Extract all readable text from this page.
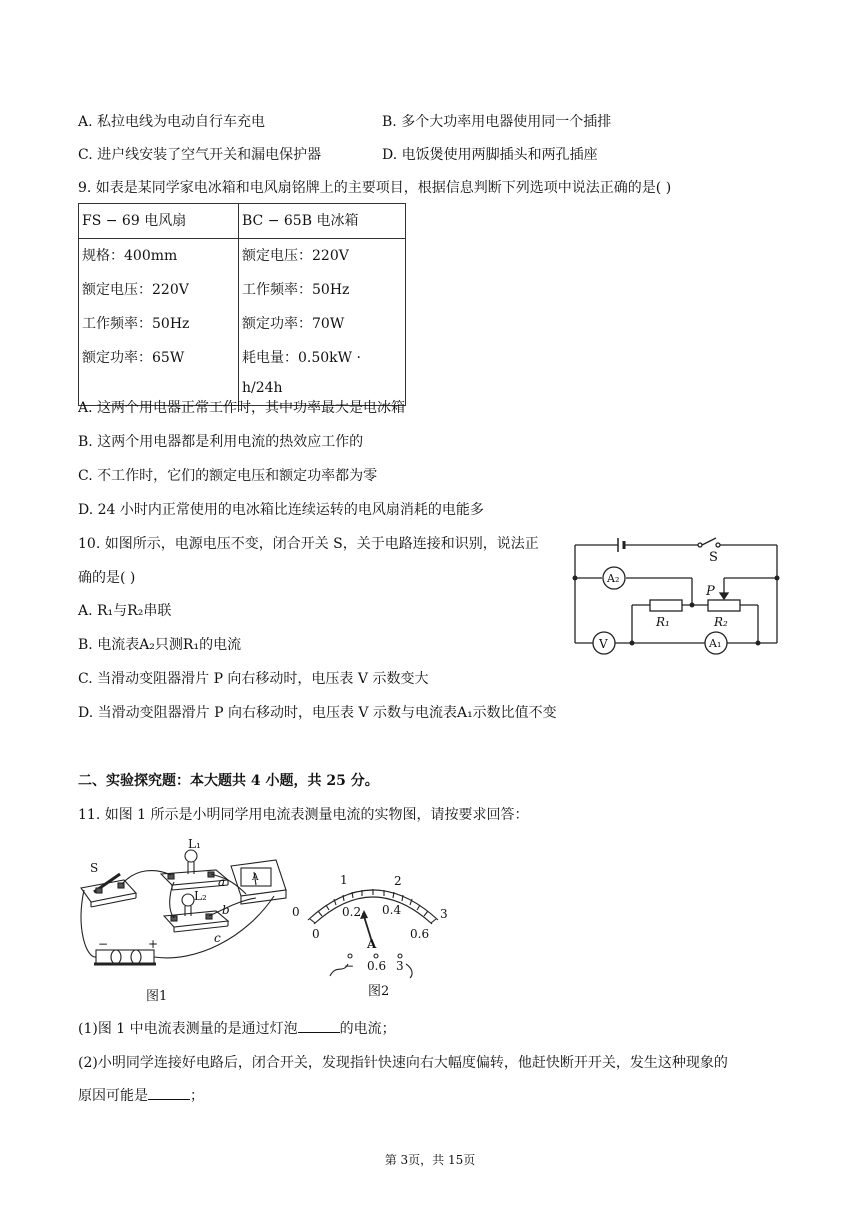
A. 私拉电线为电动自行车充电	B. 多个大功率用电器使用同一个插排
C. 进户线安装了空气开关和漏电保护器	D. 电饭煲使用两脚插头和两孔插座
9. 如表是某同学家电冰箱和电风扇铭牌上的主要项目，根据信息判断下列选项中说法正确的是( )
FS − 69 电风扇	BC − 65B 电冰箱
规格：400mm	额定电压：220V
额定电压：220V	工作频率：50Hz
工作频率：50Hz	额定功率：70W
额定功率：65W	耗电量：0.50kW · h/24h
A. 这两个用电器正常工作时，其中功率最大是电冰箱
B. 这两个用电器都是利用电流的热效应工作的
C. 不工作时，它们的额定电压和额定功率都为零
D. 24 小时内正常使用的电冰箱比连续运转的电风扇消耗的电能多
10. 如图所示，电源电压不变，闭合开关 S，关于电路连接和识别，说法正
确的是( )
A. R₁与R₂串联
B. 电流表A₂只测R₁的电流
C. 当滑动变阻器滑片 P 向右移动时，电压表 V 示数变大
D. 当滑动变阻器滑片 P 向右移动时，电压表 V 示数与电流表A₁示数比值不变
S
A₂
V	A₁
P
R₁	R₂
二、实验探究题：本大题共 4 小题，共 25 分。
11. 如图 1 所示是小明同学用电流表测量电流的实物图，请按要求回答：
S
L₁
L₂
a
b
c
−	+
A
图1
0
1	2
3
0
0.2 0.4
0.6
A
− 0.6 3
图2
(1)图 1 中电流表测量的是通过灯泡	的电流；
(2)小明同学连接好电路后，闭合开关，发现指针快速向右大幅度偏转，他赶快断开开关，发生这种现象的
原因可能是	；
第 3页，共 15页
